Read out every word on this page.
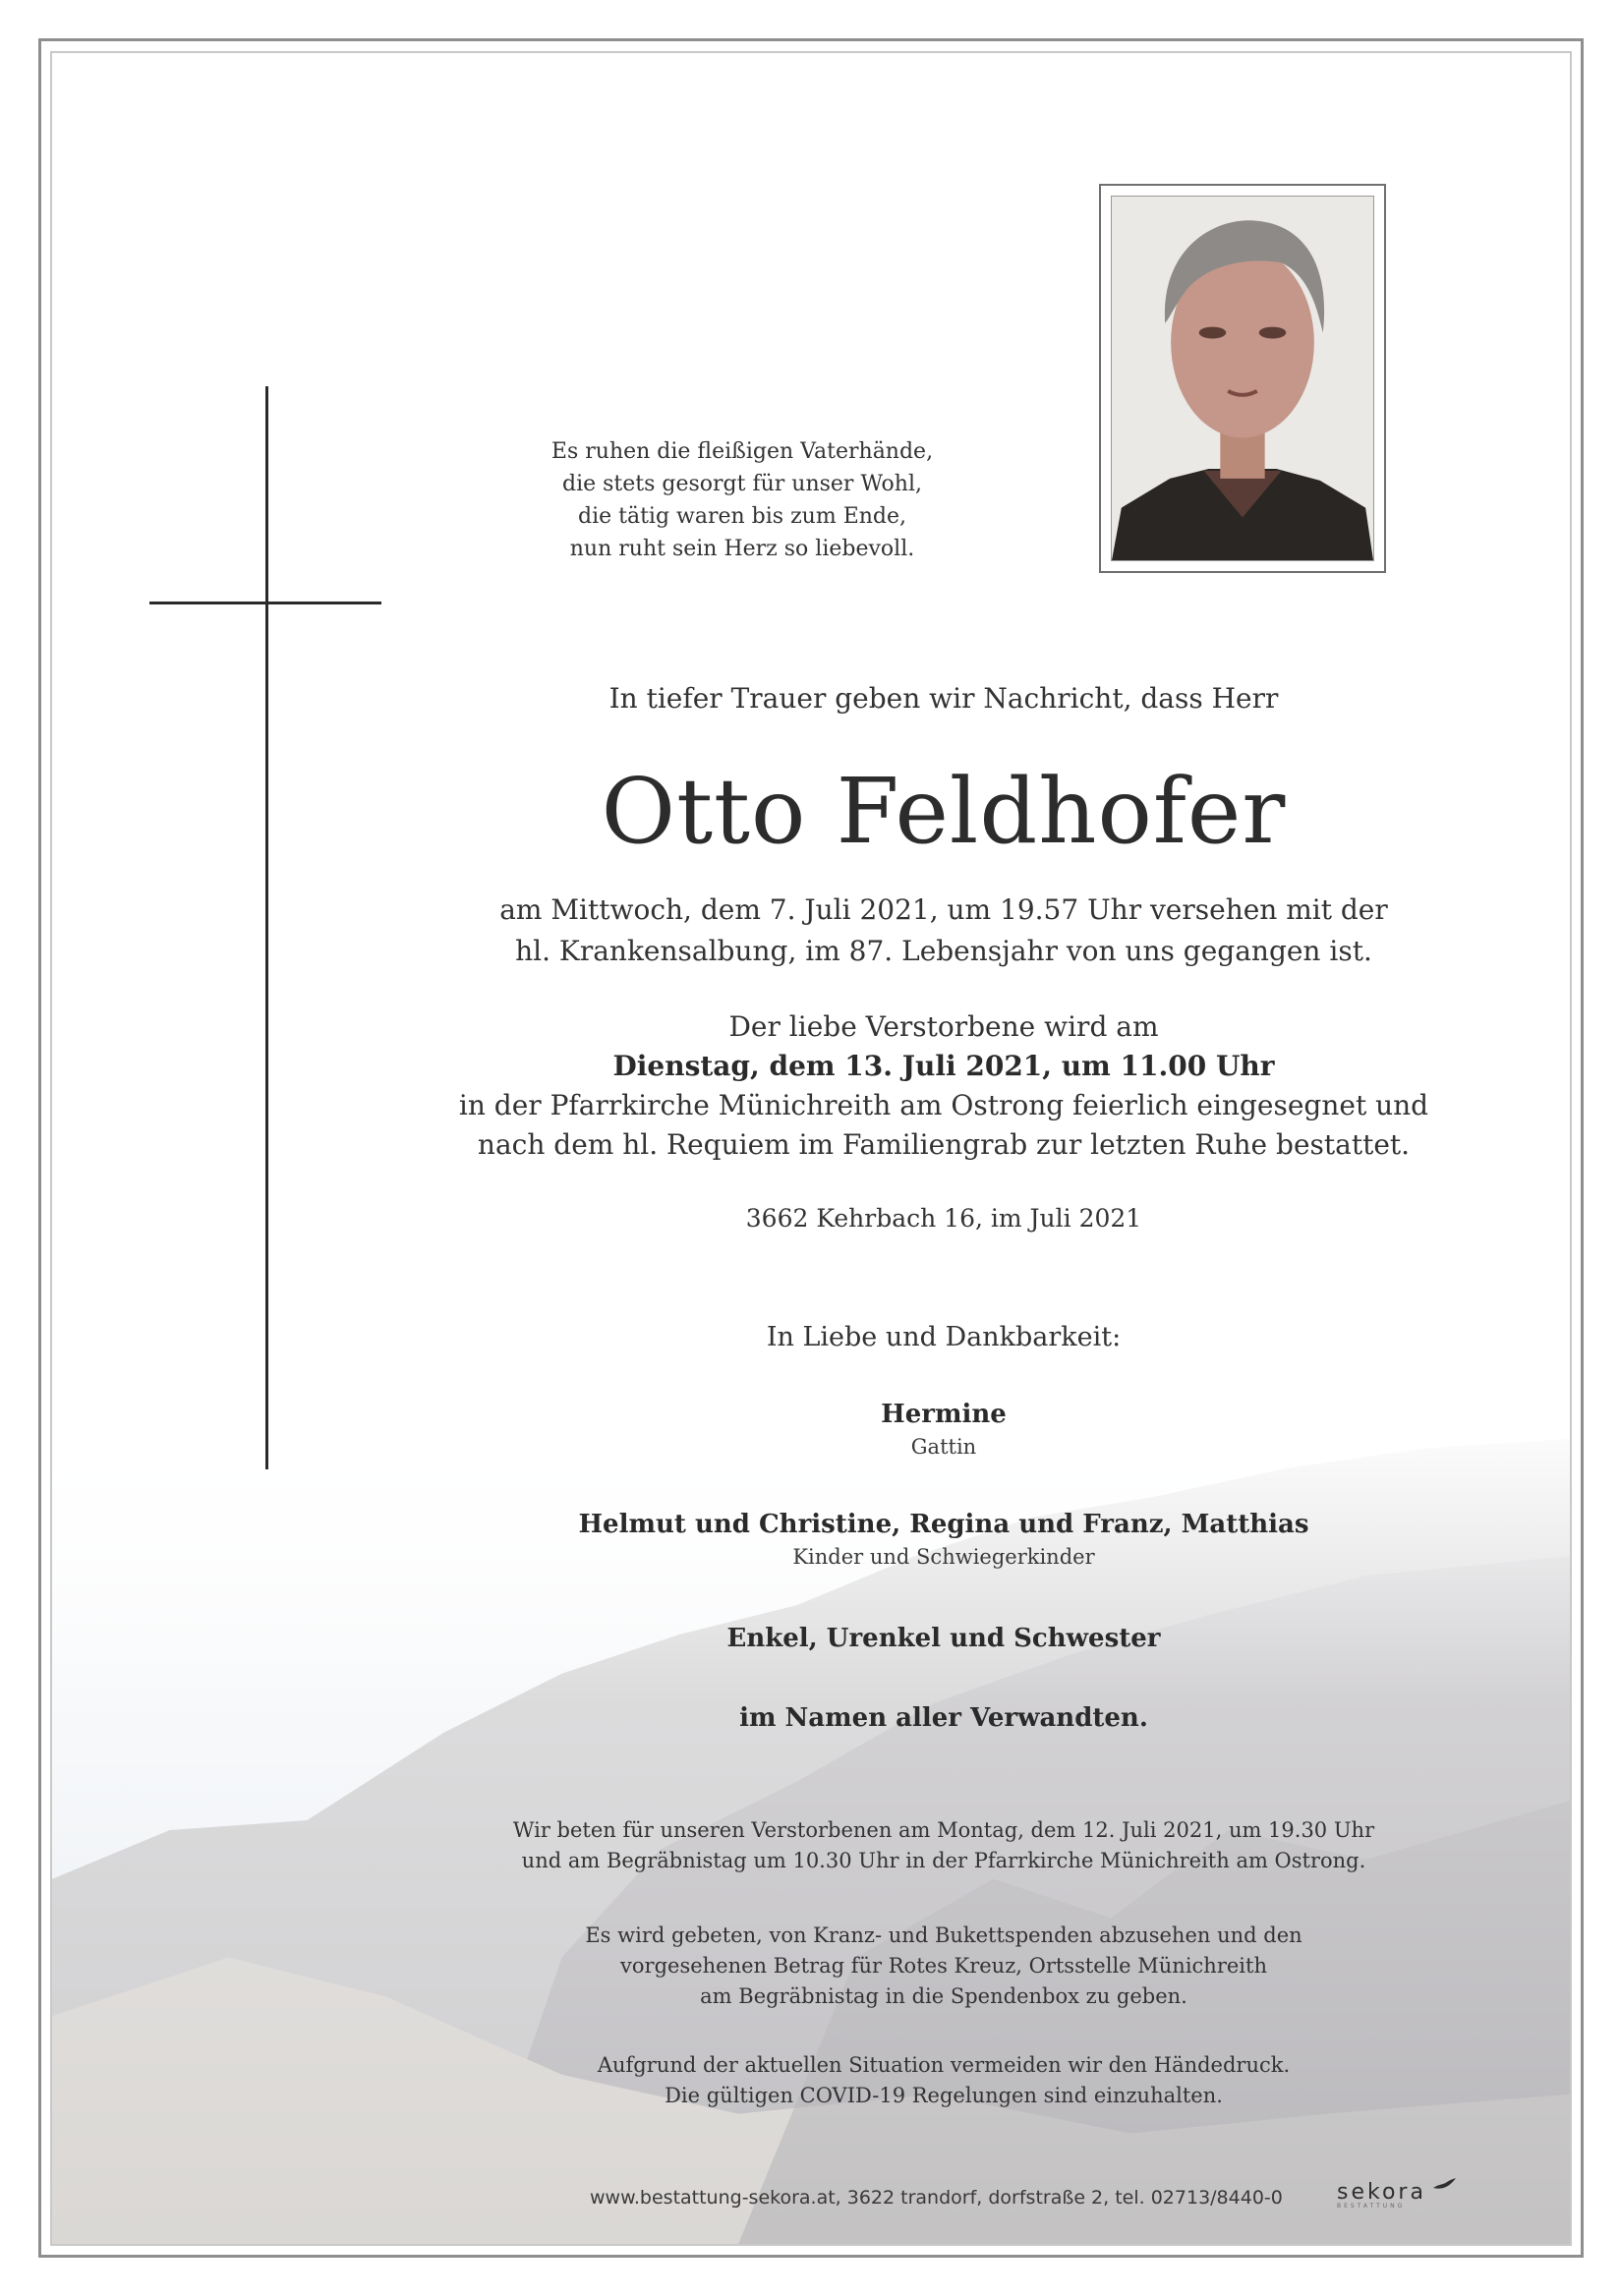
Es ruhen die fleißigen Vaterhände,
die stets gesorgt für unser Wohl,
die tätig waren bis zum Ende,
nun ruht sein Herz so liebevoll.
In tiefer Trauer geben wir Nachricht, dass Herr
Otto Feldhofer
am Mittwoch, dem 7. Juli 2021, um 19.57 Uhr versehen mit der
hl. Krankensalbung, im 87. Lebensjahr von uns gegangen ist.
Der liebe Verstorbene wird am
Dienstag, dem 13. Juli 2021, um 11.00 Uhr
in der Pfarrkirche Münichreith am Ostrong feierlich eingesegnet und
nach dem hl. Requiem im Familiengrab zur letzten Ruhe bestattet.
3662 Kehrbach 16, im Juli 2021
In Liebe und Dankbarkeit:
Hermine
Gattin
Helmut und Christine, Regina und Franz, Matthias
Kinder und Schwiegerkinder
Enkel, Urenkel und Schwester
im Namen aller Verwandten.
Wir beten für unseren Verstorbenen am Montag, dem 12. Juli 2021, um 19.30 Uhr
und am Begräbnistag um 10.30 Uhr in der Pfarrkirche Münichreith am Ostrong.
Es wird gebeten, von Kranz- und Bukettspenden abzusehen und den
vorgesehenen Betrag für Rotes Kreuz, Ortsstelle Münichreith
am Begräbnistag in die Spendenbox zu geben.
Aufgrund der aktuellen Situation vermeiden wir den Händedruck.
Die gültigen COVID-19 Regelungen sind einzuhalten.
www.bestattung-sekora.at, 3622 trandorf, dorfstraße 2, tel. 02713/8440-0	sekora
BESTATTUNG
